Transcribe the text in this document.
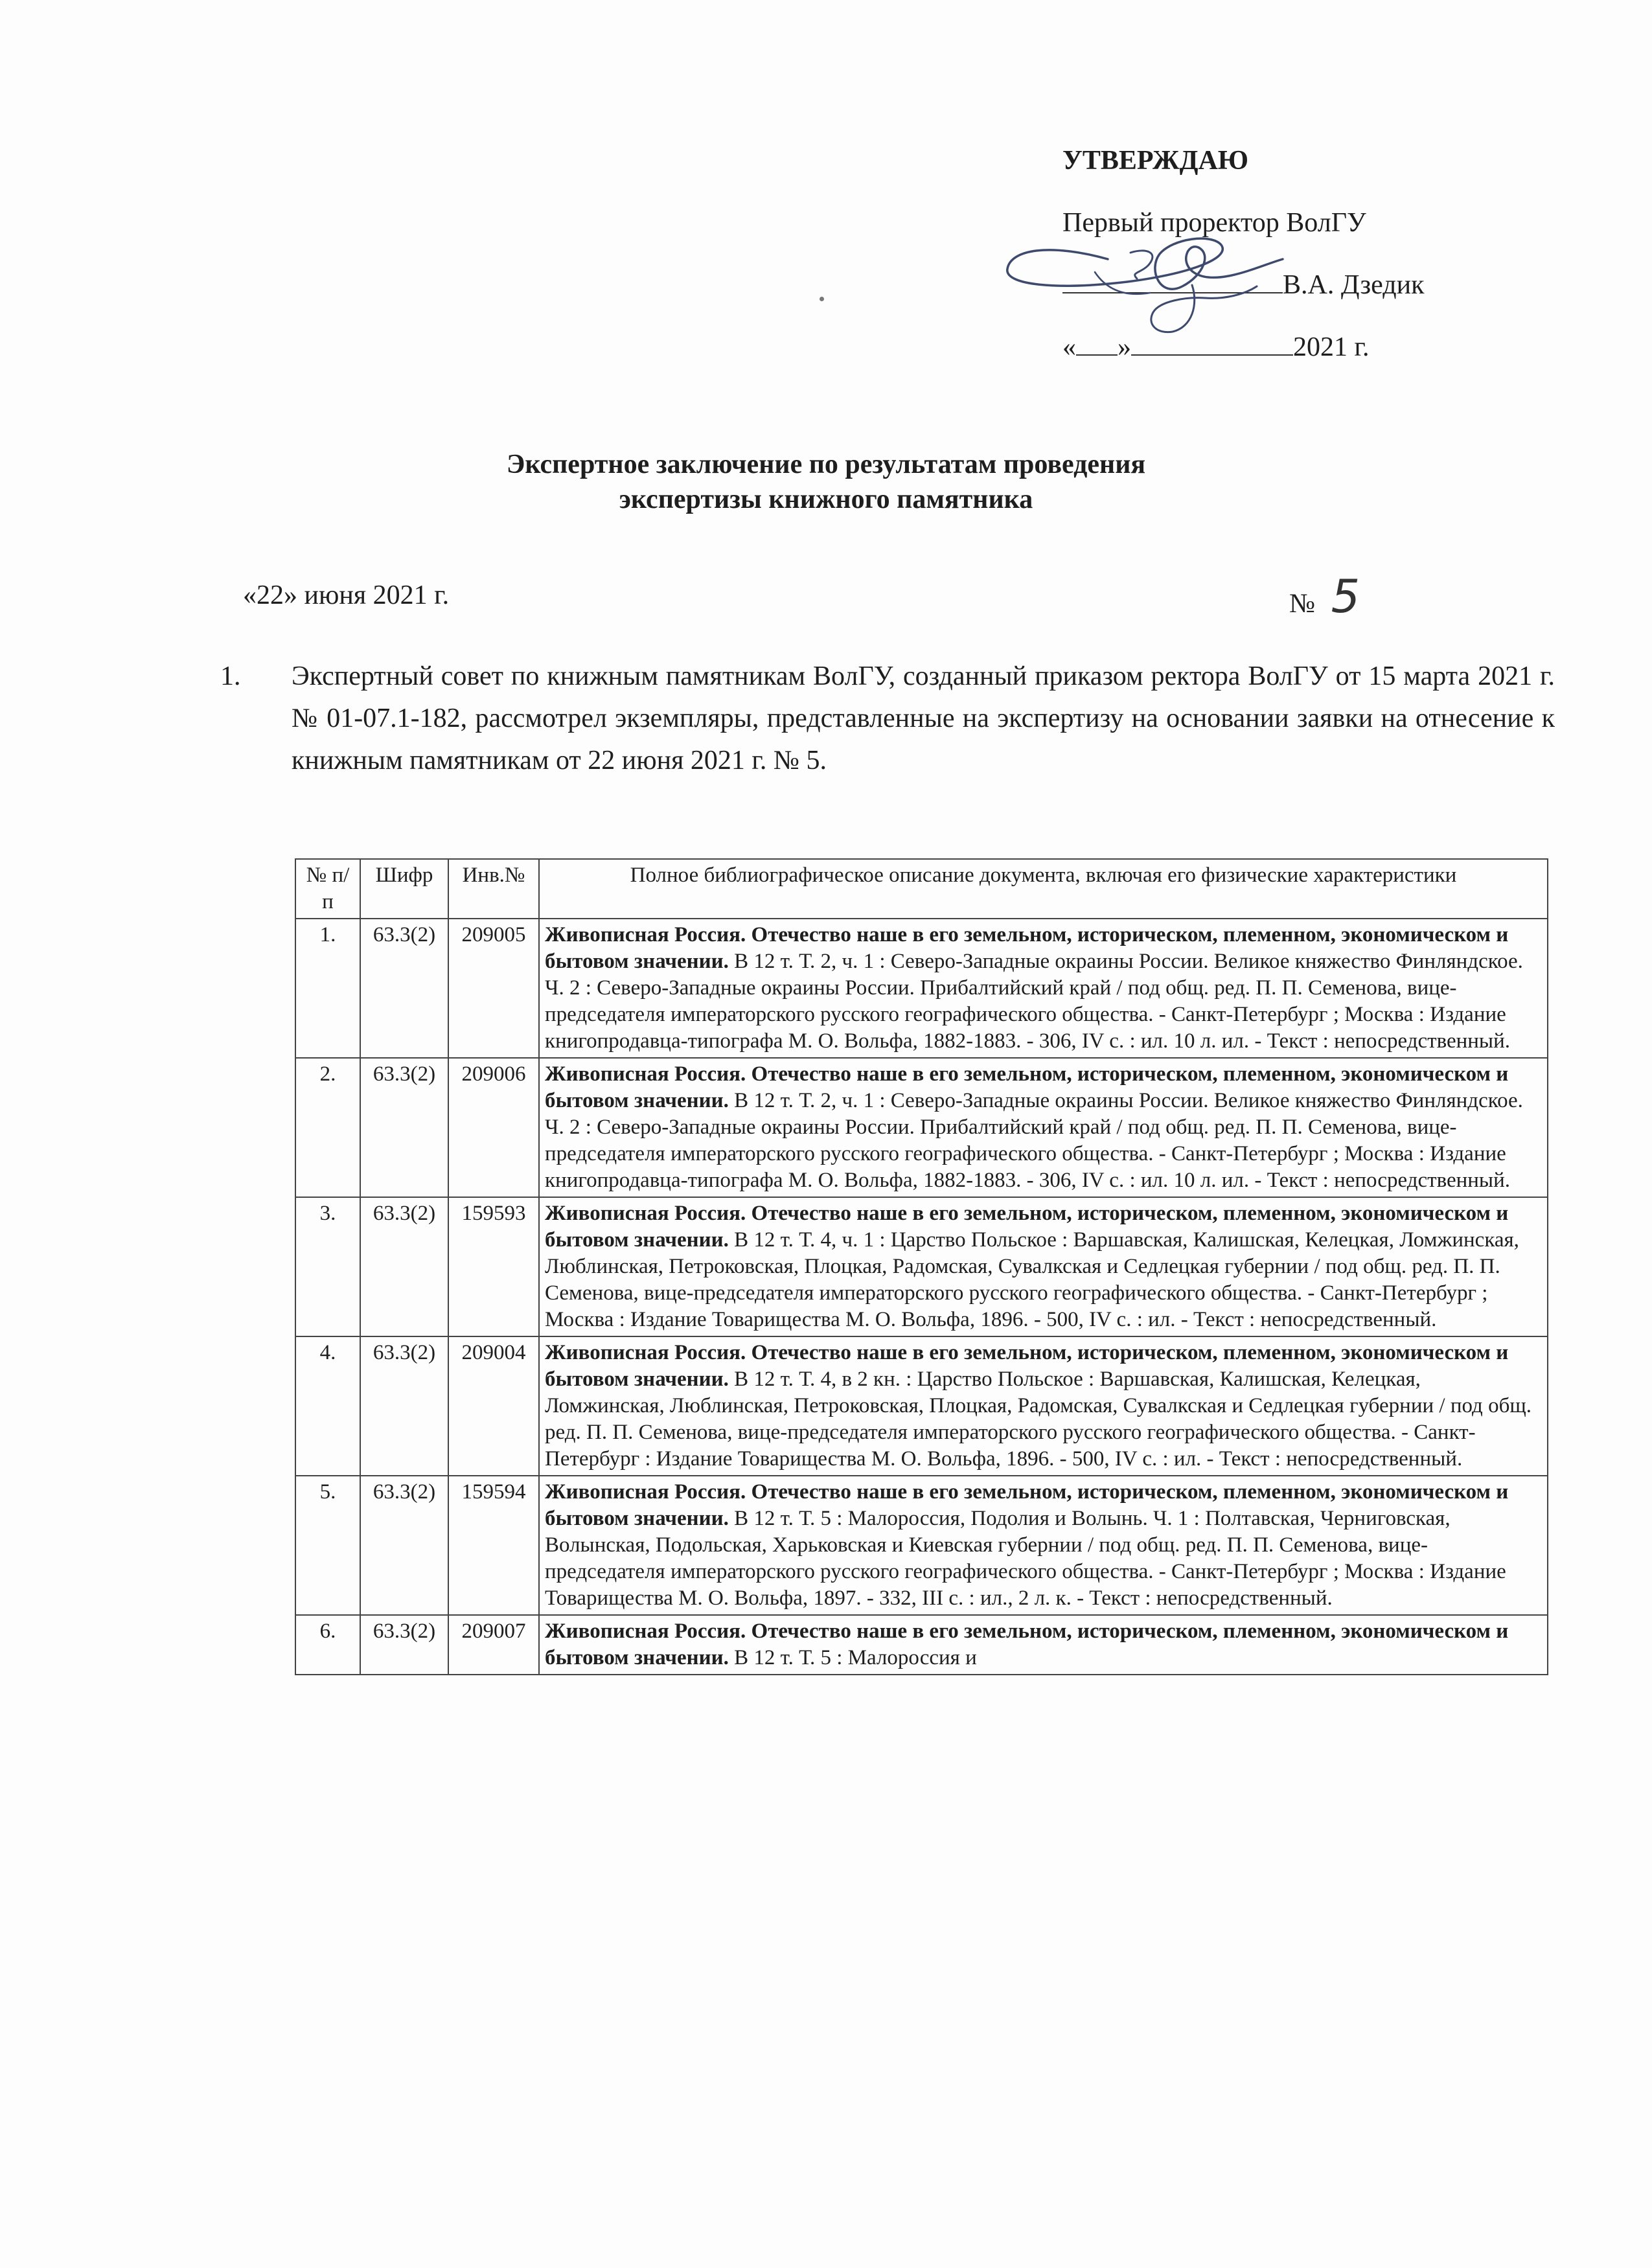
УТВЕРЖДАЮ
Первый проректор ВолГУ
В.А. Дзедик
« »	2021 г.
Экспертное заключение по результатам проведения
экспертизы книжного памятника
«22» июня 2021 г.	№ 5
1.	Экспертный совет по книжным памятникам ВолГУ, созданный приказом ректора ВолГУ от 15 марта 2021 г. № 01-07.1-182, рассмотрел экземпляры, представленные на экспертизу на основании заявки на отнесение к книжным памятникам от 22 июня 2021 г. № 5.
№ п/п	Шифр	Инв.№	Полное библиографическое описание документа, включая его физические характеристики
1.	63.3(2)	209005	Живописная Россия. Отечество наше в его земельном, историческом, племенном, экономическом и бытовом значении. В 12 т. Т. 2, ч. 1 : Северо-Западные окраины России. Великое княжество Финляндское. Ч. 2 : Северо-Западные окраины России. Прибалтийский край / под общ. ред. П. П. Семенова, вице-председателя императорского русского географического общества. - Санкт-Петербург ; Москва : Издание книгопродавца-типографа М. О. Вольфа, 1882-1883. - 306, IV с. : ил. 10 л. ил. - Текст : непосредственный.
2.	63.3(2)	209006	Живописная Россия. Отечество наше в его земельном, историческом, племенном, экономическом и бытовом значении. В 12 т. Т. 2, ч. 1 : Северо-Западные окраины России. Великое княжество Финляндское. Ч. 2 : Северо-Западные окраины России. Прибалтийский край / под общ. ред. П. П. Семенова, вице-председателя императорского русского географического общества. - Санкт-Петербург ; Москва : Издание книгопродавца-типографа М. О. Вольфа, 1882-1883. - 306, IV с. : ил. 10 л. ил. - Текст : непосредственный.
3.	63.3(2)	159593	Живописная Россия. Отечество наше в его земельном, историческом, племенном, экономическом и бытовом значении. В 12 т. Т. 4, ч. 1 : Царство Польское : Варшавская, Калишская, Келецкая, Ломжинская, Люблинская, Петроковская, Плоцкая, Радомская, Сувалкская и Седлецкая губернии / под общ. ред. П. П. Семенова, вице-председателя императорского русского географического общества. - Санкт-Петербург ; Москва : Издание Товарищества М. О. Вольфа, 1896. - 500, IV с. : ил. - Текст : непосредственный.
4.	63.3(2)	209004	Живописная Россия. Отечество наше в его земельном, историческом, племенном, экономическом и бытовом значении. В 12 т. Т. 4, в 2 кн. : Царство Польское : Варшавская, Калишская, Келецкая, Ломжинская, Люблинская, Петроковская, Плоцкая, Радомская, Сувалкская и Седлецкая губернии / под общ. ред. П. П. Семенова, вице-председателя императорского русского географического общества. - Санкт-Петербург : Издание Товарищества М. О. Вольфа, 1896. - 500, IV с. : ил. - Текст : непосредственный.
5.	63.3(2)	159594	Живописная Россия. Отечество наше в его земельном, историческом, племенном, экономическом и бытовом значении. В 12 т. Т. 5 : Малороссия, Подолия и Волынь. Ч. 1 : Полтавская, Черниговская, Волынская, Подольская, Харьковская и Киевская губернии / под общ. ред. П. П. Семенова, вице-председателя императорского русского географического общества. - Санкт-Петербург ; Москва : Издание Товарищества М. О. Вольфа, 1897. - 332, III с. : ил., 2 л. к. - Текст : непосредственный.
6.	63.3(2)	209007	Живописная Россия. Отечество наше в его земельном, историческом, племенном, экономическом и бытовом значении. В 12 т. Т. 5 : Малороссия и
